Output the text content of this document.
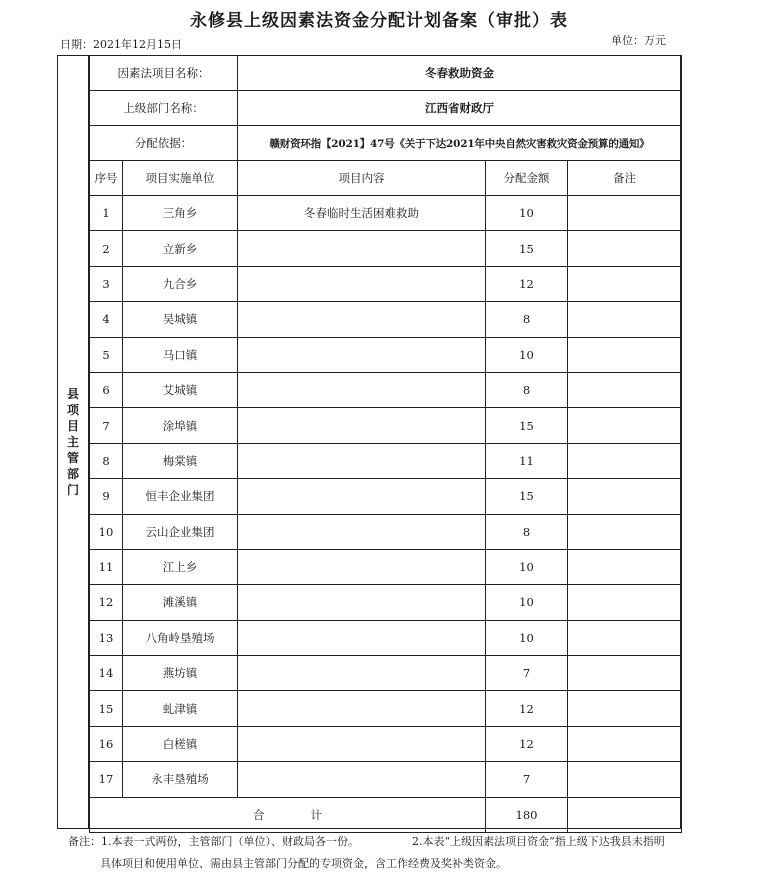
永修县上级因素法资金分配计划备案（审批）表
日期：2021年12月15日	单位：万元
县
项
目
主
管
部
门
因素法项目名称：		冬春救助资金		
上级部门名称：		江西省财政厅		
分配依据：		赣财资环指【2021】47号《关于下达2021年中央自然灾害救灾资金预算的通知》		
序号	项目实施单位	项目内容	分配金额	备注
1	三角乡	冬春临时生活困难救助	10	
2	立新乡		15	
3	九合乡		12	
4	吴城镇		8	
5	马口镇		10	
6	艾城镇		8	
7	涂埠镇		15	
8	梅棠镇		11	
9	恒丰企业集团		15	
10	云山企业集团		8	
11	江上乡		10	
12	滩溪镇		10	
13	八角岭垦殖场		10	
14	燕坊镇		7	
15	虬津镇		12	
16	白槎镇		12	
17	永丰垦殖场		7	
合　　　　计			180	
备注：1.本表一式两份，主管部门（单位）、财政局各一份。	2.本表“上级因素法项目资金”指上级下达我县未指明
具体项目和使用单位、需由县主管部门分配的专项资金，含工作经费及奖补类资金。
